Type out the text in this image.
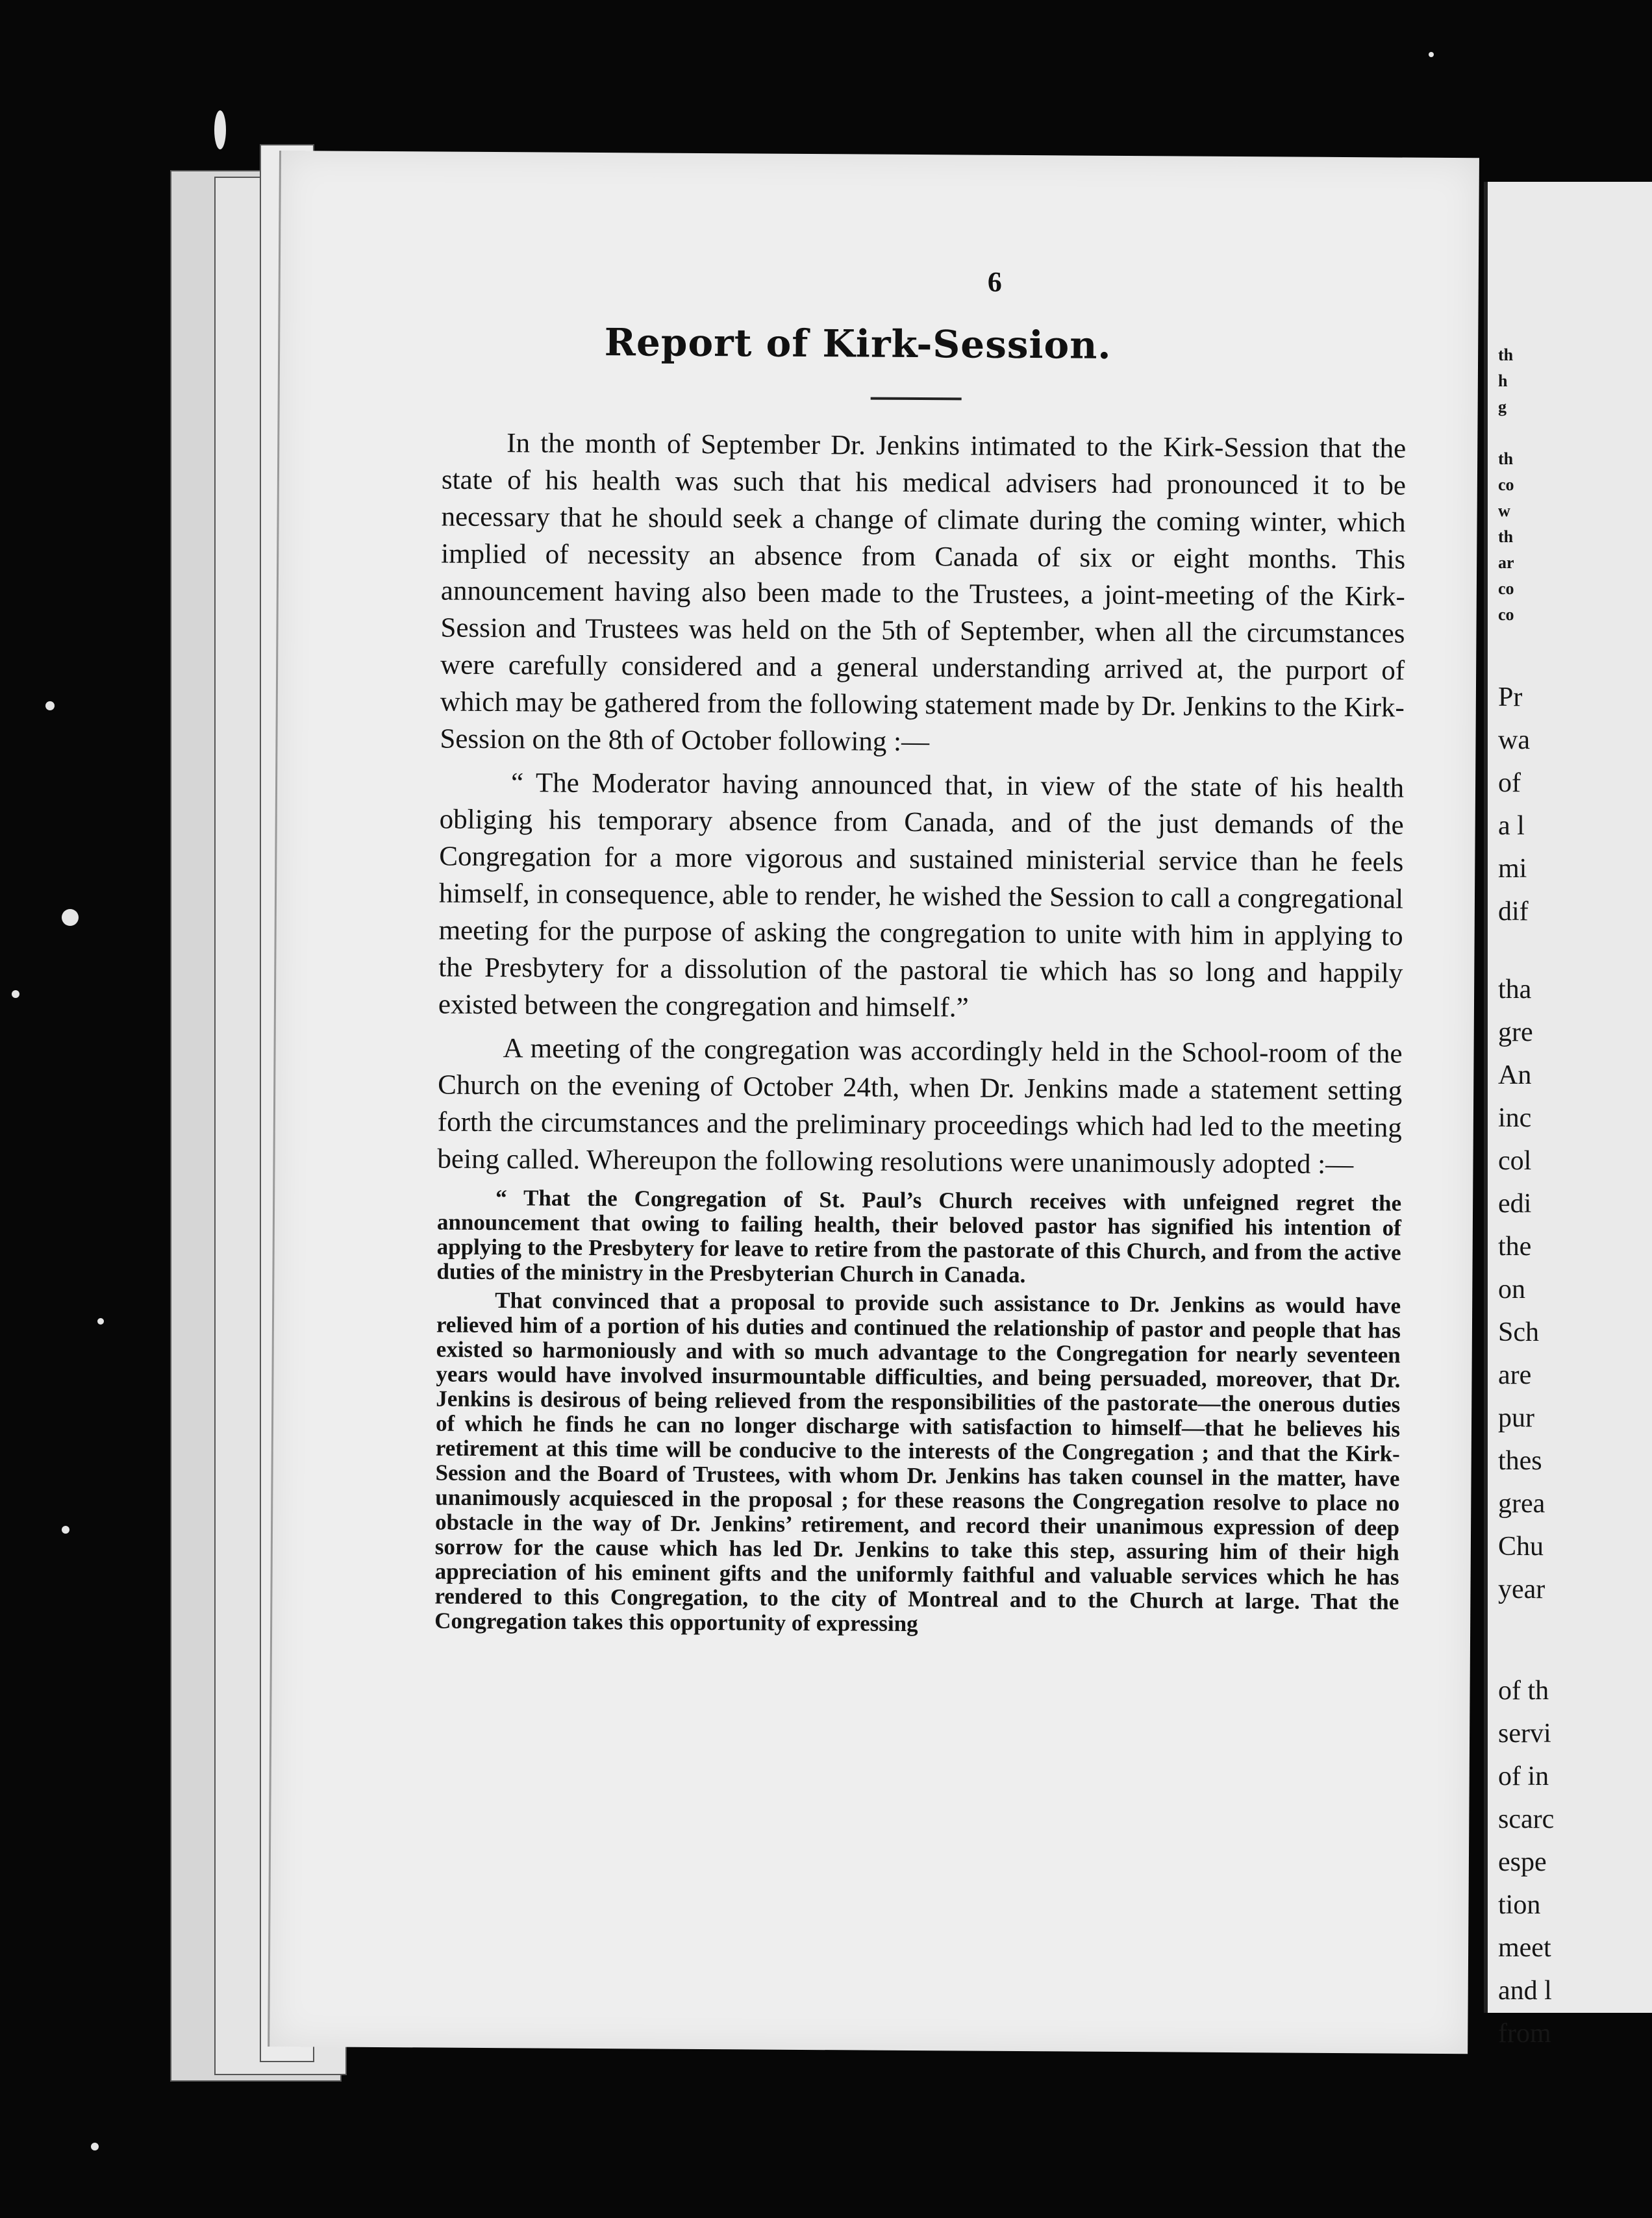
th
h
g
th
co
w
th
ar
co
co
Pr
wa
of
a l
mi
dif
tha
gre
An
inc
col
edi
the
on
Sch
are
pur
thes
grea
Chu
year
of th
servi
of in
scarc
espe
tion
meet
and l
from
6
Report of Kirk-Session.

In the month of September Dr. Jenkins intimated to the Kirk-Session that the state of his health was such that his medical advisers had pronounced it to be necessary that he should seek a change of climate during the coming winter, which implied of necessity an absence from Canada of six or eight months. This announcement having also been made to the Trustees, a joint-meeting of the Kirk-Session and Trustees was held on the 5th of September, when all the circumstances were carefully considered and a general understanding arrived at, the purport of which may be gathered from the following statement made by Dr. Jenkins to the Kirk-Session on the 8th of October following :—

“ The Moderator having announced that, in view of the state of his health obliging his temporary absence from Canada, and of the just demands of the Congregation for a more vigorous and sustained ministerial service than he feels himself, in consequence, able to render, he wished the Session to call a congregational meeting for the purpose of asking the congregation to unite with him in applying to the Presbytery for a dissolution of the pastoral tie which has so long and happily existed between the congregation and himself.”

A meeting of the congregation was accordingly held in the School-room of the Church on the evening of October 24th, when Dr. Jenkins made a statement setting forth the circumstances and the preliminary proceedings which had led to the meeting being called. Whereupon the following resolutions were unanimously adopted :—

“ That the Congregation of St. Paul’s Church receives with unfeigned regret the announcement that owing to failing health, their beloved pastor has signified his intention of applying to the Presbytery for leave to retire from the pastorate of this Church, and from the active duties of the ministry in the Presbyterian Church in Canada.

That convinced that a proposal to provide such assistance to Dr. Jenkins as would have relieved him of a portion of his duties and continued the relationship of pastor and people that has existed so harmoniously and with so much advantage to the Congregation for nearly seventeen years would have involved insurmountable difficulties, and being persuaded, moreover, that Dr. Jenkins is desirous of being relieved from the responsibilities of the pastorate—the onerous duties of which he finds he can no longer discharge with satisfaction to himself—that he believes his retirement at this time will be conducive to the interests of the Congregation ; and that the Kirk-Session and the Board of Trustees, with whom Dr. Jenkins has taken counsel in the matter, have unanimously acquiesced in the proposal ; for these reasons the Congregation resolve to place no obstacle in the way of Dr. Jenkins’ retirement, and record their unanimous expression of deep sorrow for the cause which has led Dr. Jenkins to take this step, assuring him of their high appreciation of his eminent gifts and the uniformly faithful and valuable services which he has rendered to this Congregation, to the city of Montreal and to the Church at large. That the Congregation takes this opportunity of expressing
